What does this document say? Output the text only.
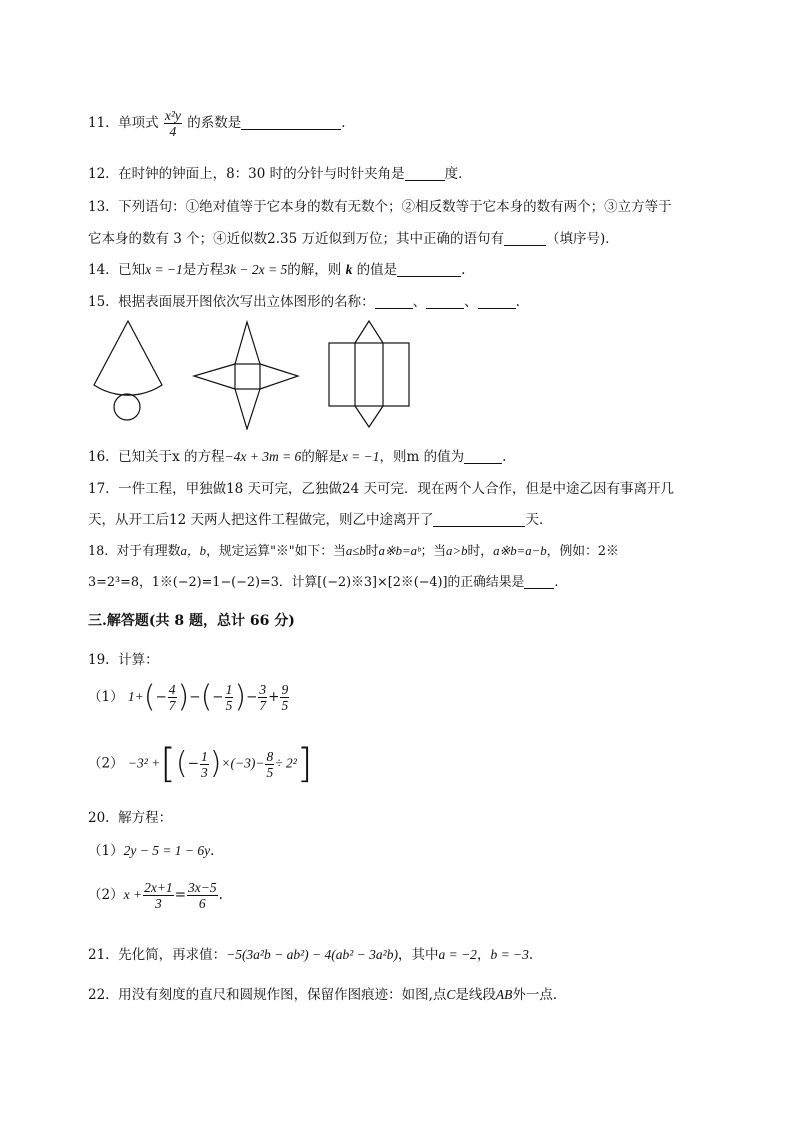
11. 单项式 $\frac{\text{x²y}}{4}$ 的系数是	.
12. 在时钟的钟面上，8：30 时的分针与时针夹角是	度．
13. 下列语句：①绝对值等于它本身的数有无数个；②相反数等于它本身的数有两个；③立方等于
它本身的数有 3 个；④近似数2.35 万近似到万位；其中正确的语句有	（填序号)．
14. 已知x = −1是方程3k − 2x = 5的解，则 k 的值是	.
15. 根据表面展开图依次写出立体图形的名称：	、	、	.
16. 已知关于x 的方程−4x + 3m = 6的解是x = −1，则m 的值为	.
17. 一件工程，甲独做18 天可完，乙独做24 天可完．现在两个人合作，但是中途乙因有事离开几
天，从开工后12 天两人把这件工程做完，则乙中途离开了	天．
18. 对于有理数a，b，规定运算"※"如下：当a≤b时a※b=aᵇ；当a>b时，a※b=a−b，例如：2※
3=2³=8，1※(−2)=1−(−2)=3．计算[(−2)※3]×[2※(−4)]的正确结果是 .
三.解答题(共 8 题，总计 66 分)
19. 计算：
（1） $1+(- \frac{4}{7}$ )−(− $\frac{1}{5}$ )− $\frac{3}{7} + \frac{9}{5}$
（2） −3² +[(− $\frac{1}{3} )\times(-3)- \frac{8}{5} \div 2^2$]
20. 解方程：
（1）2y − 5 = 1 − 6y.
$(2)x + \frac{2x+1}{3} = \frac{3x-5}{6}$ .
21. 先化简，再求值：−5(3a²b − ab²) − 4(ab² − 3a²b)，其中a = −2，b = −3.
22. 用没有刻度的直尺和圆规作图，保留作图痕迹：如图,点C是线段AB外一点．
